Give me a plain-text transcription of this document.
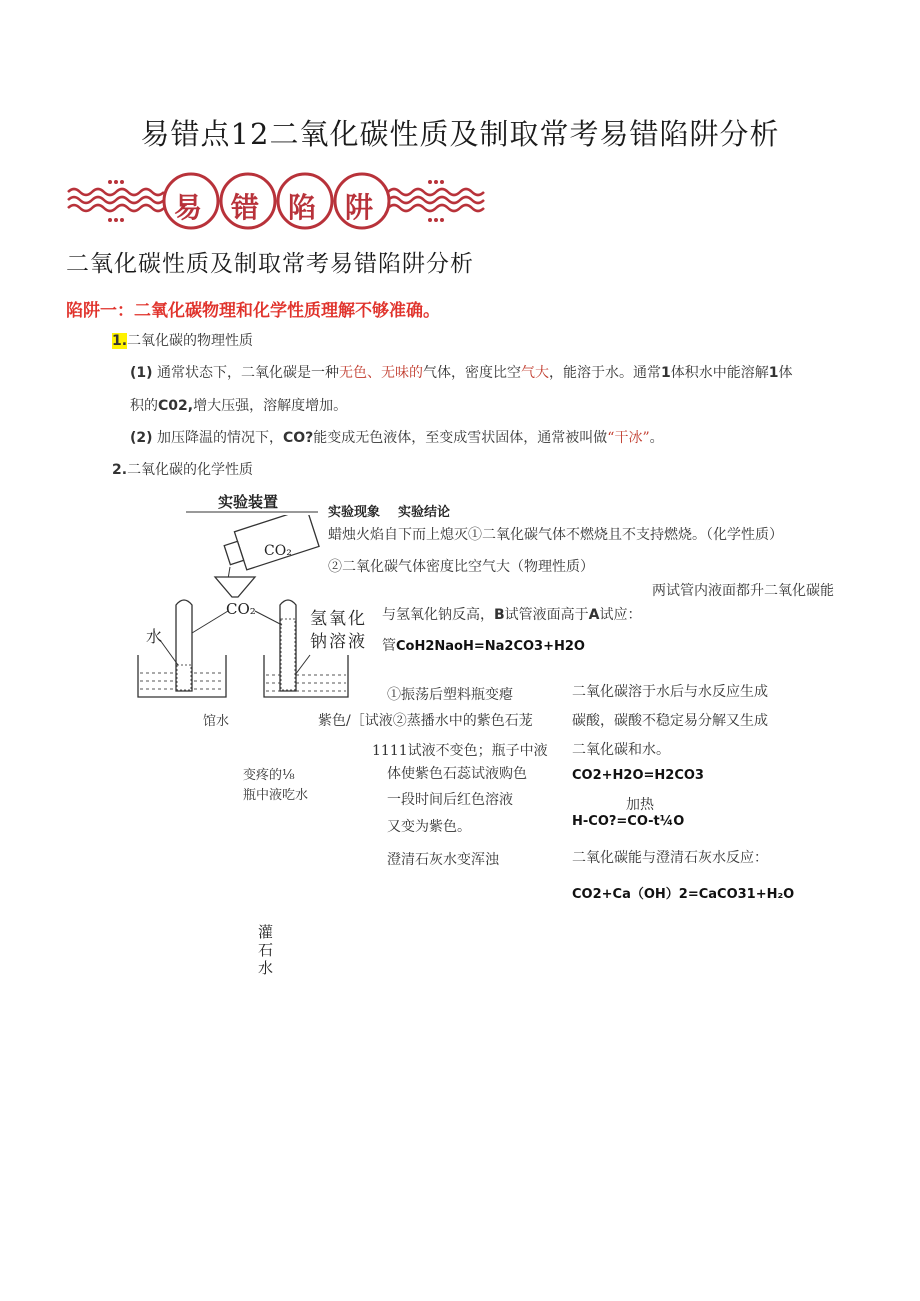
易错点12二氧化碳性质及制取常考易错陷阱分析
易 错 陷 阱
二氧化碳性质及制取常考易错陷阱分析
陷阱一：二氧化碳物理和化学性质理解不够准确。
1.二氧化碳的物理性质
(1) 通常状态下，二氧化碳是一种无色、无味的气体，密度比空气大，能溶于水。通常1体积水中能溶解1体
积的C02,增大压强，溶解度增加。
(2) 加压降温的情况下，CO?能变成无色液体，至变成雪状固体，通常被叫做“干冰”。
2.二氧化碳的化学性质
实验装置
实验现象 实验结论
CO₂
CO₂
水
氢氧化
钠溶液
馆水
变疼的⅛
瓶中液吃水
灌
石
水
蜡烛火焰自下而上熄灭①二氧化碳气体不燃烧且不支持燃烧。（化学性质）
②二氧化碳气体密度比空气大（物理性质）
两试管内液面都升二氧化碳能
与氢氧化钠反高，B试管液面高于A试应：
管CoH2NaoH=Na2CO3+H2O
①振荡后塑料瓶变瘪
紫色/［试液②蒸播水中的紫色石茏
1111试液不变色；瓶子中液
体使紫色石蕊试液购色
一段时间后红色溶液
又变为紫色。
二氧化碳溶于水后与水反应生成
碳酸，碳酸不稳定易分解又生成
二氧化碳和水。
CO2+H2O=H2CO3
加热
H-CO?=CO-t¼O
澄清石灰水变浑浊	二氧化碳能与澄清石灰水反应：
CO2+Ca（OH）2=CaCO31+H₂O
